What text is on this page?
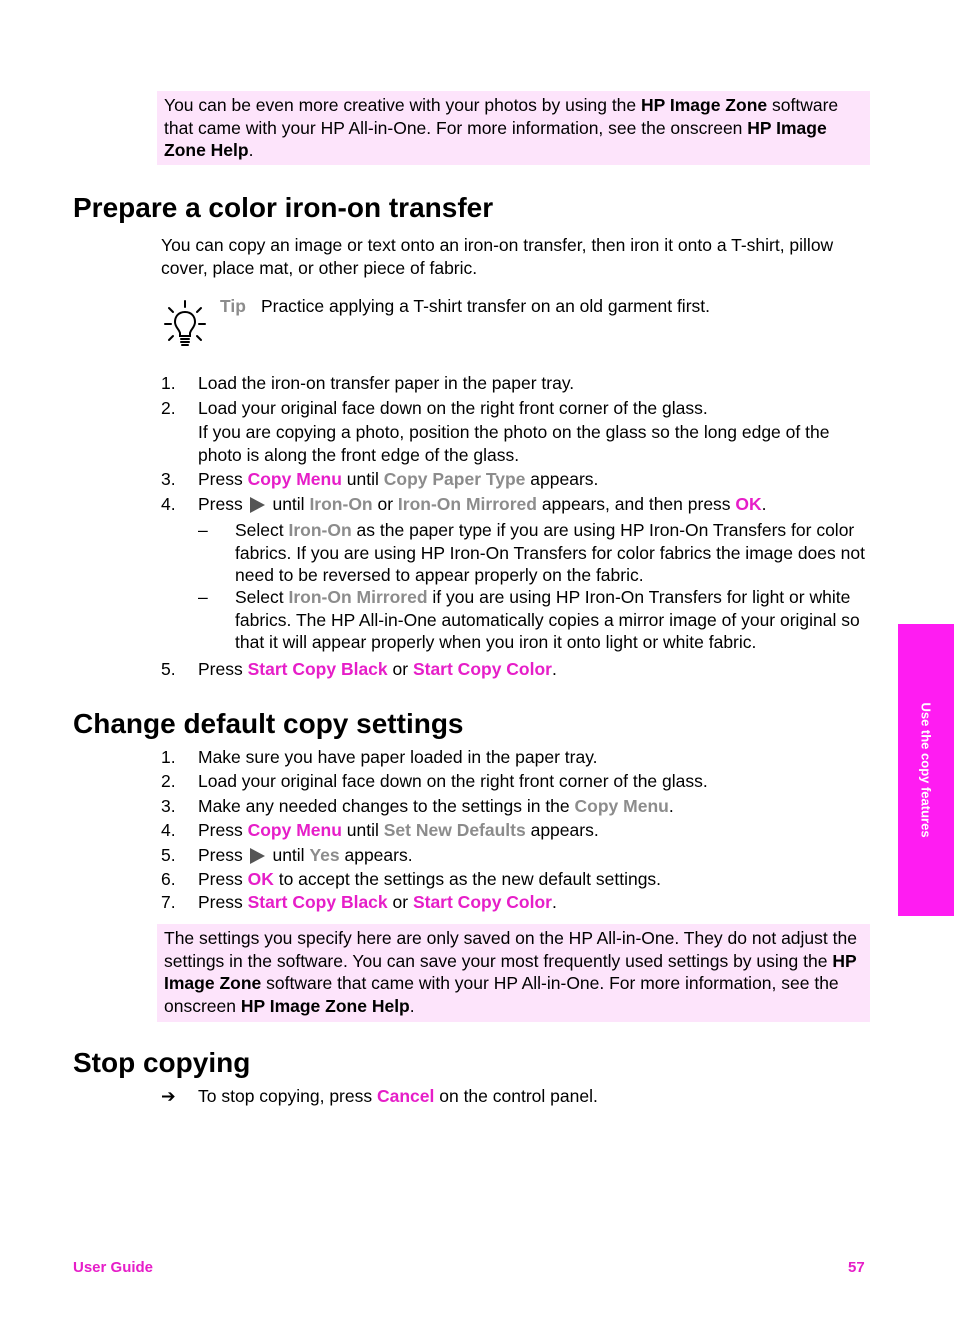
You can be even more creative with your photos by using the HP Image Zone software that came with your HP All-in-One. For more information, see the onscreen HP Image Zone Help.
Prepare a color iron-on transfer

You can copy an image or text onto an iron-on transfer, then iron it onto a T-shirt, pillow cover, place mat, or other piece of fabric.

Tip Practice applying a T-shirt transfer on an old garment first.
1.	Load the iron-on transfer paper in the paper tray.
2.	Load your original face down on the right front corner of the glass.
If you are copying a photo, position the photo on the glass so the long edge of the photo is along the front edge of the glass.
3.	Press Copy Menu until Copy Paper Type appears.
4.	Press  until Iron-On or Iron-On Mirrored appears, and then press OK.
–	Select Iron-On as the paper type if you are using HP Iron-On Transfers for color fabrics. If you are using HP Iron-On Transfers for color fabrics the image does not need to be reversed to appear properly on the fabric.
–	Select Iron-On Mirrored if you are using HP Iron-On Transfers for light or white fabrics. The HP All-in-One automatically copies a mirror image of your original so that it will appear properly when you iron it onto light or white fabric.
5.	Press Start Copy Black or Start Copy Color.
Change default copy settings
1.	Make sure you have paper loaded in the paper tray.
2.	Load your original face down on the right front corner of the glass.
3.	Make any needed changes to the settings in the Copy Menu.
4.	Press Copy Menu until Set New Defaults appears.
5.	Press  until Yes appears.
6.	Press OK to accept the settings as the new default settings.
7.	Press Start Copy Black or Start Copy Color.
The settings you specify here are only saved on the HP All-in-One. They do not adjust the settings in the software. You can save your most frequently used settings by using the HP Image Zone software that came with your HP All-in-One. For more information, see the onscreen HP Image Zone Help.
Stop copying
➔	To stop copying, press Cancel on the control panel.
Use the copy features
User Guide	57
